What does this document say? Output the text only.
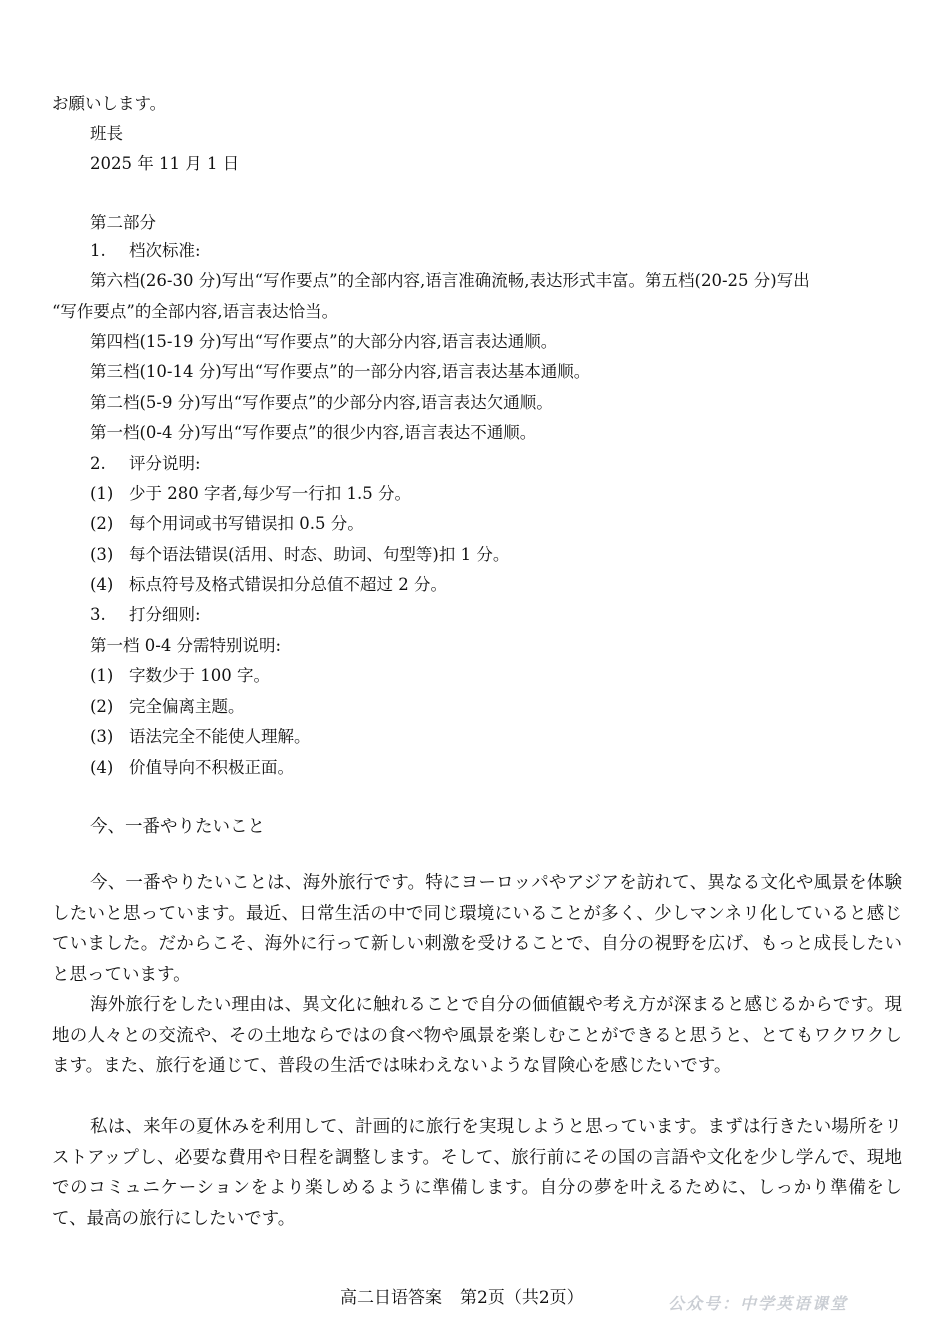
お願いします。
班長
2025 年 11 月 1 日
第二部分
1. 档次标准:
第六档(26-30 分)写出“写作要点”的全部内容,语言准确流畅,表达形式丰富。第五档(20-25 分)写出
“写作要点”的全部内容,语言表达恰当。
第四档(15-19 分)写出“写作要点”的大部分内容,语言表达通顺。
第三档(10-14 分)写出“写作要点”的一部分内容,语言表达基本通顺。
第二档(5-9 分)写出“写作要点”的少部分内容,语言表达欠通顺。
第一档(0-4 分)写出“写作要点”的很少内容,语言表达不通顺。
2. 评分说明:
(1) 少于 280 字者,每少写一行扣 1.5 分。
(2) 每个用词或书写错误扣 0.5 分。
(3) 每个语法错误(活用、时态、助词、句型等)扣 1 分。
(4) 标点符号及格式错误扣分总值不超过 2 分。
3. 打分细则:
第一档 0-4 分需特别说明:
(1) 字数少于 100 字。
(2) 完全偏离主题。
(3) 语法完全不能使人理解。
(4) 价值导向不积极正面。
今、一番やりたいこと

今、一番やりたいことは、海外旅行です。特にヨーロッパやアジアを訪れて、異なる文化や風景を体験したいと思っています。最近、日常生活の中で同じ環境にいることが多く、少しマンネリ化していると感じていました。だからこそ、海外に行って新しい刺激を受けることで、自分の視野を広げ、もっと成長したいと思っています。

海外旅行をしたい理由は、異文化に触れることで自分の価値観や考え方が深まると感じるからです。現地の人々との交流や、その土地ならではの食べ物や風景を楽しむことができると思うと、とてもワクワクします。また、旅行を通じて、普段の生活では味わえないような冒険心を感じたいです。

私は、来年の夏休みを利用して、計画的に旅行を実現しようと思っています。まずは行きたい場所をリストアップし、必要な費用や日程を調整します。そして、旅行前にその国の言語や文化を少し学んで、現地でのコミュニケーションをより楽しめるように準備します。自分の夢を叶えるために、しっかり準備をして、最高の旅行にしたいです。

高二日语答案 第2页（共2页）	公众号：中学英语课堂
